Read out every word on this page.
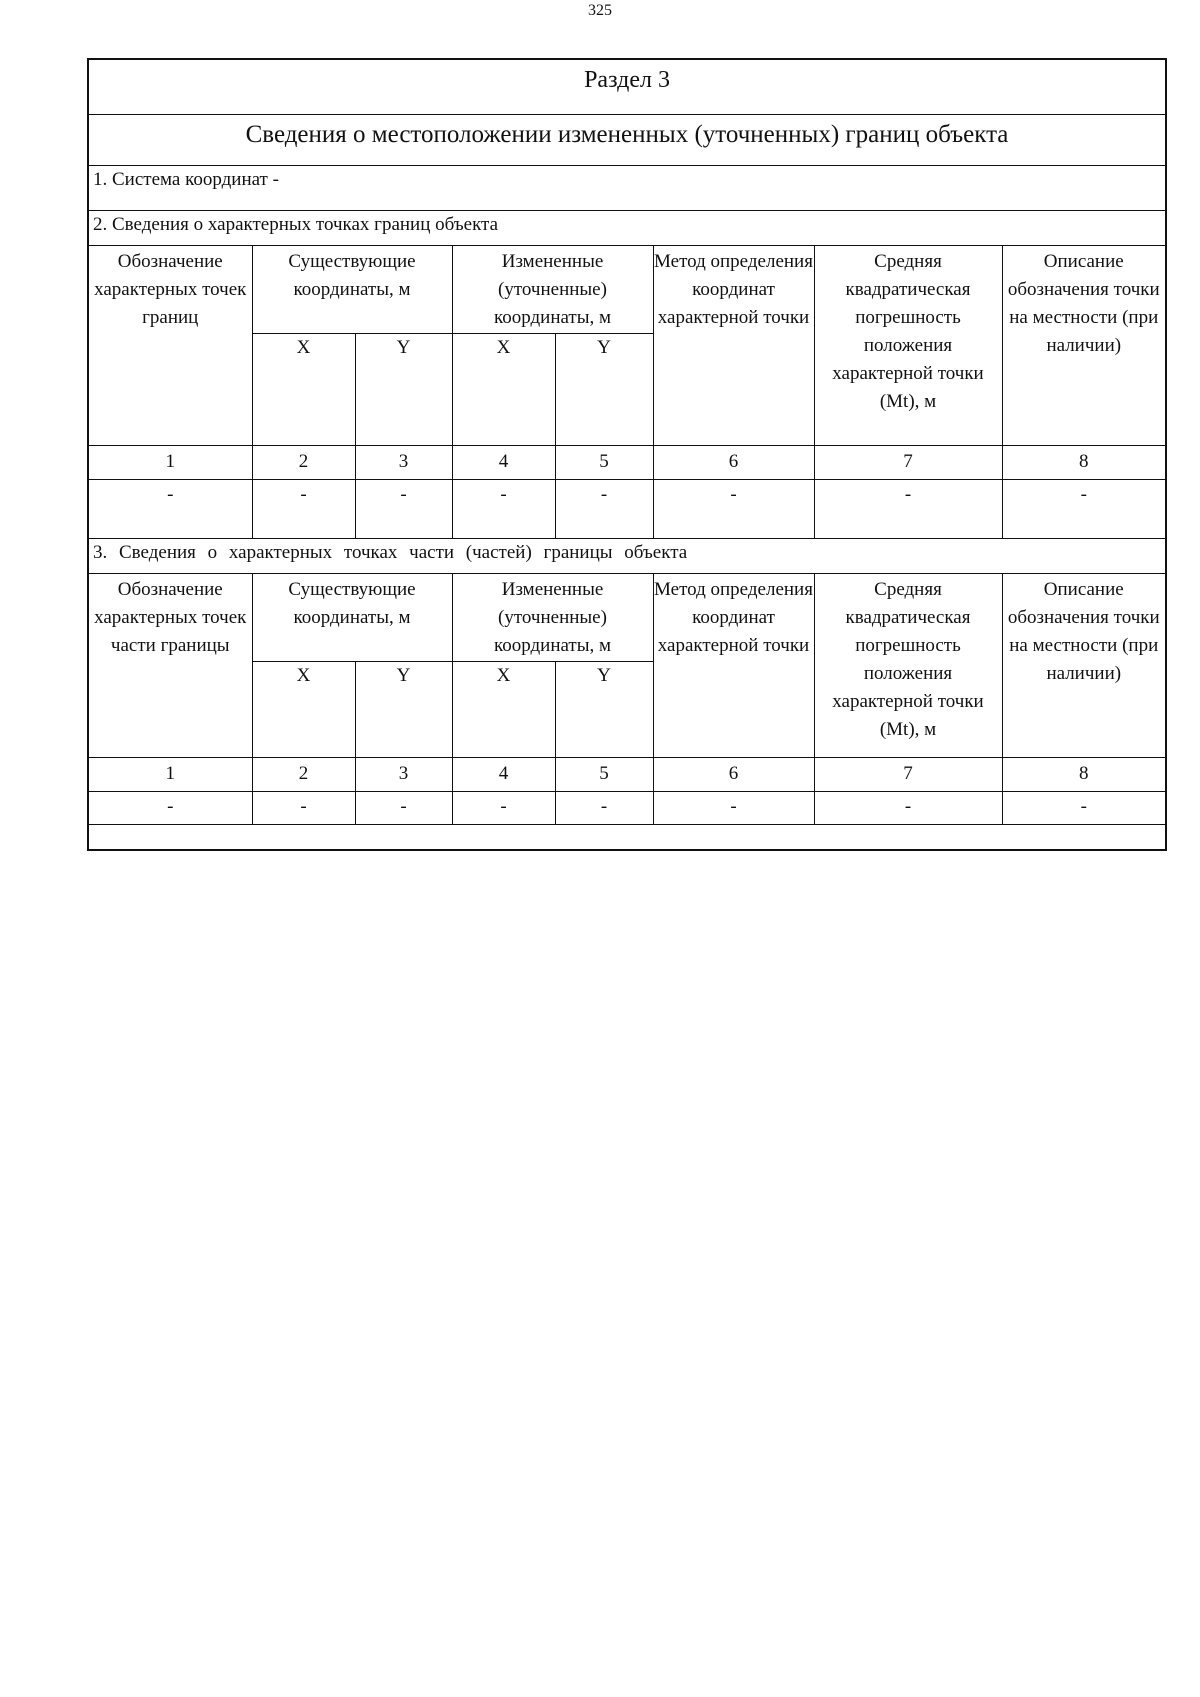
325
Раздел 3							
Сведения о местоположении измененных (уточненных) границ объекта							
1. Система координат -							
2. Сведения о характерных точках границ объекта							
Обозначение характерных точек границ	Существующие координаты, м		Измененные (уточненные) координаты, м		Метод определения координат характерной точки	Средняя квадратическая погрешность положения характерной точки (Mt), м	Описание обозначения точки на местности (при наличии)
	X	Y	X	Y			
1	2	3	4	5	6	7	8
-	-	-	-	-	-	-	-
3. Сведения о характерных точках части (частей) границы объекта							
Обозначение характерных точек части границы	Существующие координаты, м		Измененные (уточненные) координаты, м		Метод определения координат характерной точки	Средняя квадратическая погрешность положения характерной точки (Mt), м	Описание обозначения точки на местности (при наличии)
	X	Y	X	Y			
1	2	3	4	5	6	7	8
-	-	-	-	-	-	-	-
